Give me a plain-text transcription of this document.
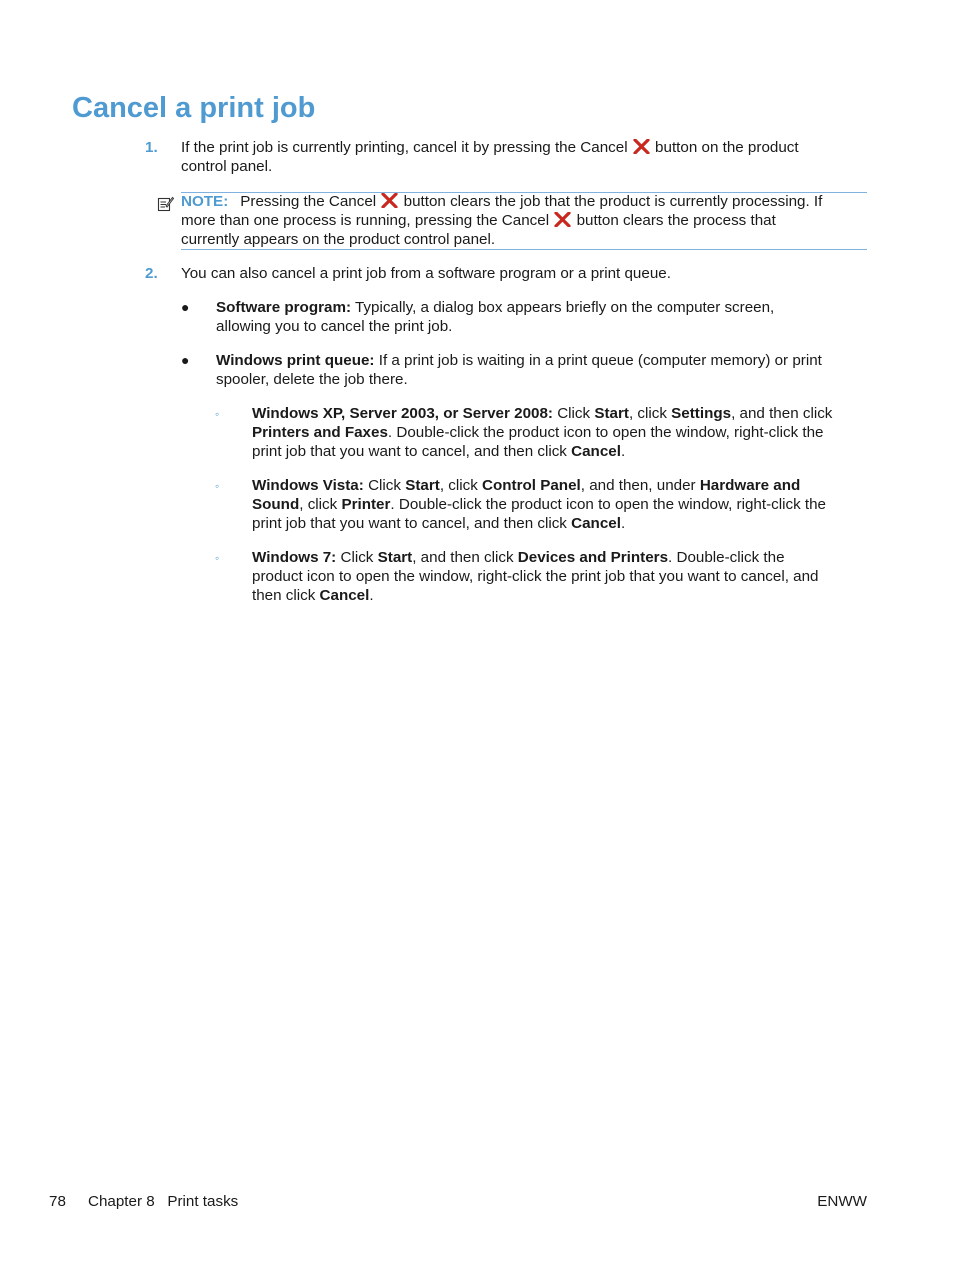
Cancel a print job
1. If the print job is currently printing, cancel it by pressing the Cancel button on the product
control panel.
NOTE: Pressing the Cancel button clears the job that the product is currently processing. If
more than one process is running, pressing the Cancel button clears the process that
currently appears on the product control panel.
2. You can also cancel a print job from a software program or a print queue.
● Software program: Typically, a dialog box appears briefly on the computer screen,
allowing you to cancel the print job.
● Windows print queue: If a print job is waiting in a print queue (computer memory) or print
spooler, delete the job there.
◦ Windows XP, Server 2003, or Server 2008: Click Start, click Settings, and then click
Printers and Faxes. Double-click the product icon to open the window, right-click the
print job that you want to cancel, and then click Cancel.
◦ Windows Vista: Click Start, click Control Panel, and then, under Hardware and
Sound, click Printer. Double-click the product icon to open the window, right-click the
print job that you want to cancel, and then click Cancel.
◦ Windows 7: Click Start, and then click Devices and Printers. Double-click the
product icon to open the window, right-click the print job that you want to cancel, and
then click Cancel.
78 Chapter 8   Print tasks	ENWW
